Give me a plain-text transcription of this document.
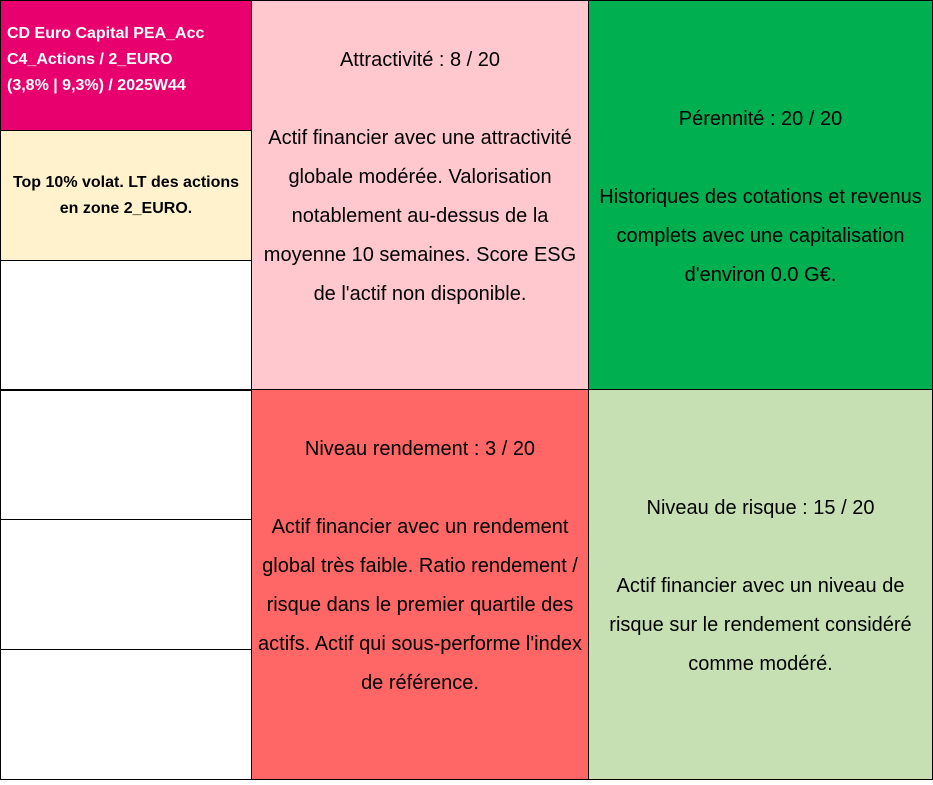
CD Euro Capital PEA_Acc
C4_Actions / 2_EURO
(3,8% | 9,3%) / 2025W44
Top 10% volat. LT des actions en zone 2_EURO.
Attractivité : 8 / 20
Actif financier avec une attractivité globale modérée. Valorisation notablement au-dessus de la moyenne 10 semaines. Score ESG de l'actif non disponible.
Niveau rendement : 3 / 20
Actif financier avec un rendement global très faible. Ratio rendement / risque dans le premier quartile des actifs. Actif qui sous-performe l'index de référence.
Pérennité : 20 / 20
Historiques des cotations et revenus complets avec une capitalisation d'environ 0.0 G€.
Niveau de risque : 15 / 20
Actif financier avec un niveau de risque sur le rendement considéré comme modéré.
